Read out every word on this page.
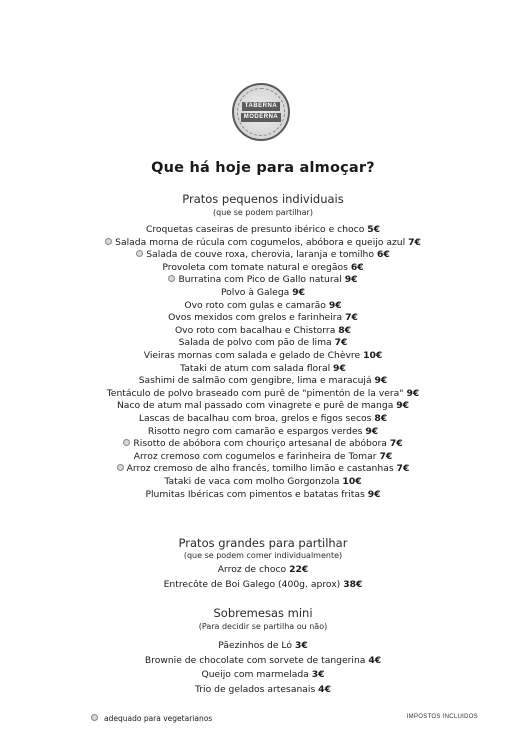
TABERNA
MODERNA
Que há hoje para almoçar?
Pratos pequenos individuais
(que se podem partilhar)
Croquetas caseiras de presunto ibérico e choco 5€
Salada morna de rúcula com cogumelos, abóbora e queijo azul 7€
Salada de couve roxa, cherovia, laranja e tomilho 6€
Provoleta com tomate natural e oregãos 6€
Burratina com Pico de Gallo natural 9€
Polvo à Galega 9€
Ovo roto com gulas e camarão 9€
Ovos mexidos com grelos e farinheira 7€
Ovo roto com bacalhau e Chistorra 8€
Salada de polvo com pão de lima 7€
Vieiras mornas com salada e gelado de Chèvre 10€
Tataki de atum com salada floral 9€
Sashimi de salmão com gengibre, lima e maracujá 9€
Tentáculo de polvo braseado com purê de "pimentón de la vera" 9€
Naco de atum mal passado com vinagrete e purê de manga 9€
Lascas de bacalhau com broa, grelos e figos secos 8€
Risotto negro com camarão e espargos verdes 9€
Risotto de abóbora com chouriço artesanal de abóbora 7€
Arroz cremoso com cogumelos e farinheira de Tomar 7€
Arroz cremoso de alho francês, tomilho limão e castanhas 7€
Tataki de vaca com molho Gorgonzola 10€
Plumitas Ibéricas com pimentos e batatas fritas 9€
Pratos grandes para partilhar
(que se podem comer individualmente)
Arroz de choco 22€
Entrecôte de Boi Galego (400g. aprox) 38€
Sobremesas mini
(Para decidir se partilha ou não)
Pãezinhos de Ló 3€
Brownie de chocolate com sorvete de tangerina 4€
Queijo com marmelada 3€
Trio de gelados artesanais 4€
adequado para vegetarianos	IMPOSTOS INCLUIDOS
